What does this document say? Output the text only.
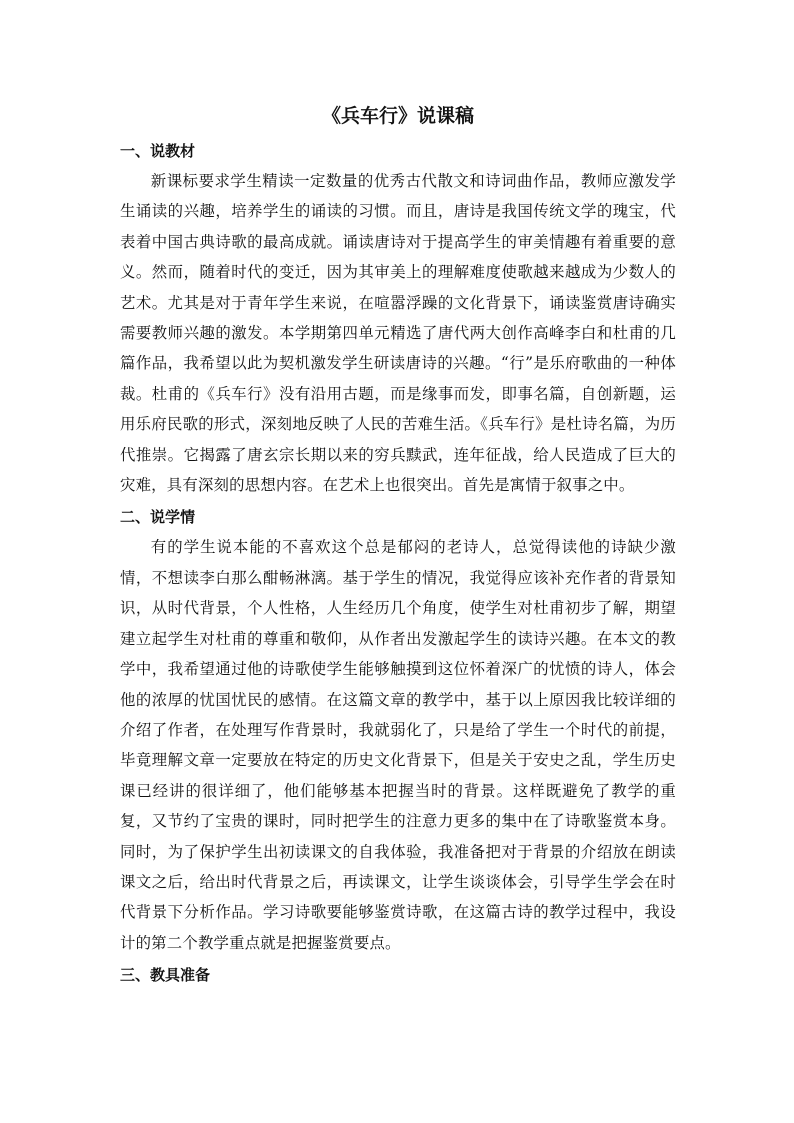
《兵车行》说课稿
一、说教材

新课标要求学生精读一定数量的优秀古代散文和诗词曲作品，教师应激发学生诵读的兴趣，培养学生的诵读的习惯。而且，唐诗是我国传统文学的瑰宝，代表着中国古典诗歌的最高成就。诵读唐诗对于提高学生的审美情趣有着重要的意义。然而，随着时代的变迁，因为其审美上的理解难度使歌越来越成为少数人的艺术。尤其是对于青年学生来说，在喧嚣浮躁的文化背景下，诵读鉴赏唐诗确实需要教师兴趣的激发。本学期第四单元精选了唐代两大创作高峰李白和杜甫的几篇作品，我希望以此为契机激发学生研读唐诗的兴趣。“行”是乐府歌曲的一种体裁。杜甫的《兵车行》没有沿用古题，而是缘事而发，即事名篇，自创新题，运用乐府民歌的形式，深刻地反映了人民的苦难生活。《兵车行》是杜诗名篇，为历代推崇。它揭露了唐玄宗长期以来的穷兵黩武，连年征战，给人民造成了巨大的灾难，具有深刻的思想内容。在艺术上也很突出。首先是寓情于叙事之中。

二、说学情

有的学生说本能的不喜欢这个总是郁闷的老诗人，总觉得读他的诗缺少激情，不想读李白那么酣畅淋漓。基于学生的情况，我觉得应该补充作者的背景知识，从时代背景，个人性格，人生经历几个角度，使学生对杜甫初步了解，期望建立起学生对杜甫的尊重和敬仰，从作者出发激起学生的读诗兴趣。在本文的教学中，我希望通过他的诗歌使学生能够触摸到这位怀着深广的忧愤的诗人，体会他的浓厚的忧国忧民的感情。在这篇文章的教学中，基于以上原因我比较详细的介绍了作者，在处理写作背景时，我就弱化了，只是给了学生一个时代的前提，毕竟理解文章一定要放在特定的历史文化背景下，但是关于安史之乱，学生历史课已经讲的很详细了，他们能够基本把握当时的背景。这样既避免了教学的重复，又节约了宝贵的课时，同时把学生的注意力更多的集中在了诗歌鉴赏本身。同时，为了保护学生出初读课文的自我体验，我准备把对于背景的介绍放在朗读课文之后，给出时代背景之后，再读课文，让学生谈谈体会，引导学生学会在时代背景下分析作品。学习诗歌要能够鉴赏诗歌，在这篇古诗的教学过程中，我设计的第二个教学重点就是把握鉴赏要点。

三、教具准备
